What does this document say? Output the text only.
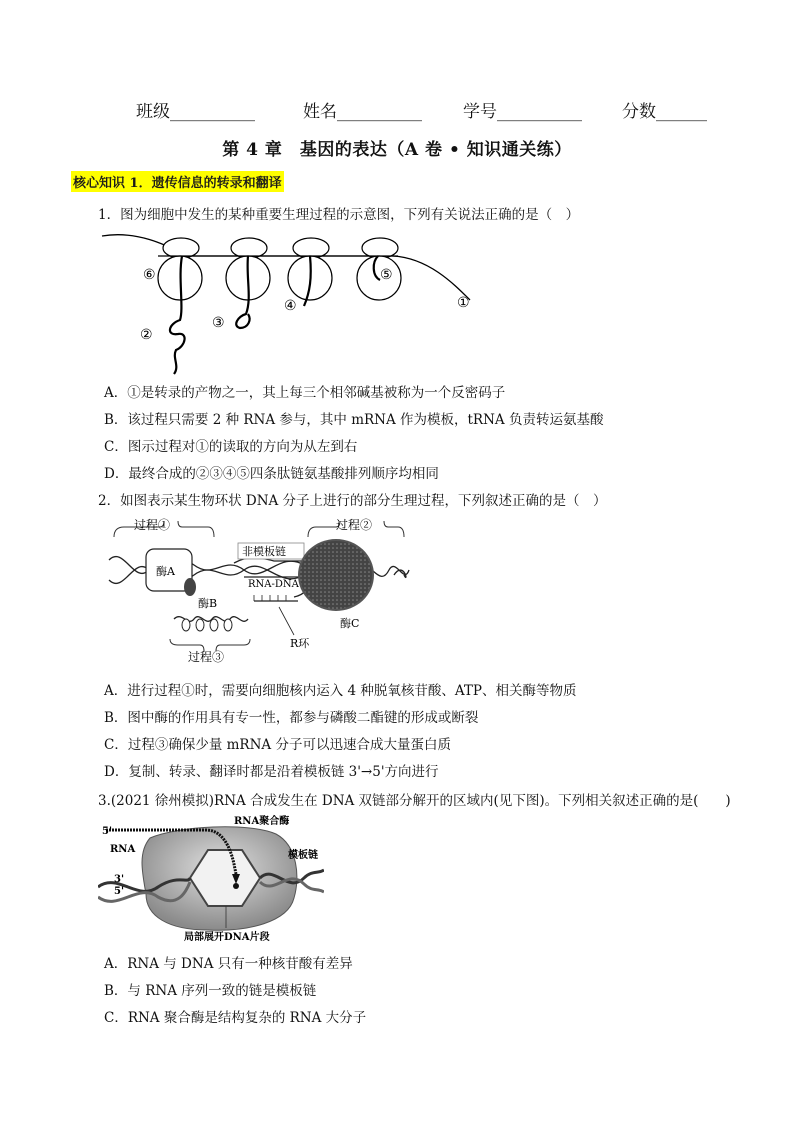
班级__________	姓名__________ 学号__________ 分数______
第 4 章　基因的表达（A 卷 • 知识通关练）
核心知识 1．遗传信息的转录和翻译
1．图为细胞中发生的某种重要生理过程的示意图，下列有关说法正确的是（　）
⑥
②
③
④
⑤
①
A．①是转录的产物之一，其上每三个相邻碱基被称为一个反密码子
B．该过程只需要 2 种 RNA 参与，其中 mRNA 作为模板，tRNA 负责转运氨基酸
C．图示过程对①的读取的方向为从左到右
D．最终合成的②③④⑤四条肽链氨基酸排列顺序均相同
2．如图表示某生物环状 DNA 分子上进行的部分生理过程，下列叙述正确的是（　）
过程①	过程②
酶A
酶B
非模板链
RNA-DNA
酶C
R环
过程③
A．进行过程①时，需要向细胞核内运入 4 种脱氧核苷酸、ATP、相关酶等物质
B．图中酶的作用具有专一性，都参与磷酸二酯键的形成或断裂
C．过程③确保少量 mRNA 分子可以迅速合成大量蛋白质
D．复制、转录、翻译时都是沿着模板链 3'→5'方向进行
3.(2021 徐州模拟)RNA 合成发生在 DNA 双链部分解开的区域内(见下图)。下列相关叙述正确的是(　　)
5'
RNA
RNA聚合酶
模板链
3'
5'
局部展开DNA片段
A．RNA 与 DNA 只有一种核苷酸有差异
B．与 RNA 序列一致的链是模板链
C．RNA 聚合酶是结构复杂的 RNA 大分子
